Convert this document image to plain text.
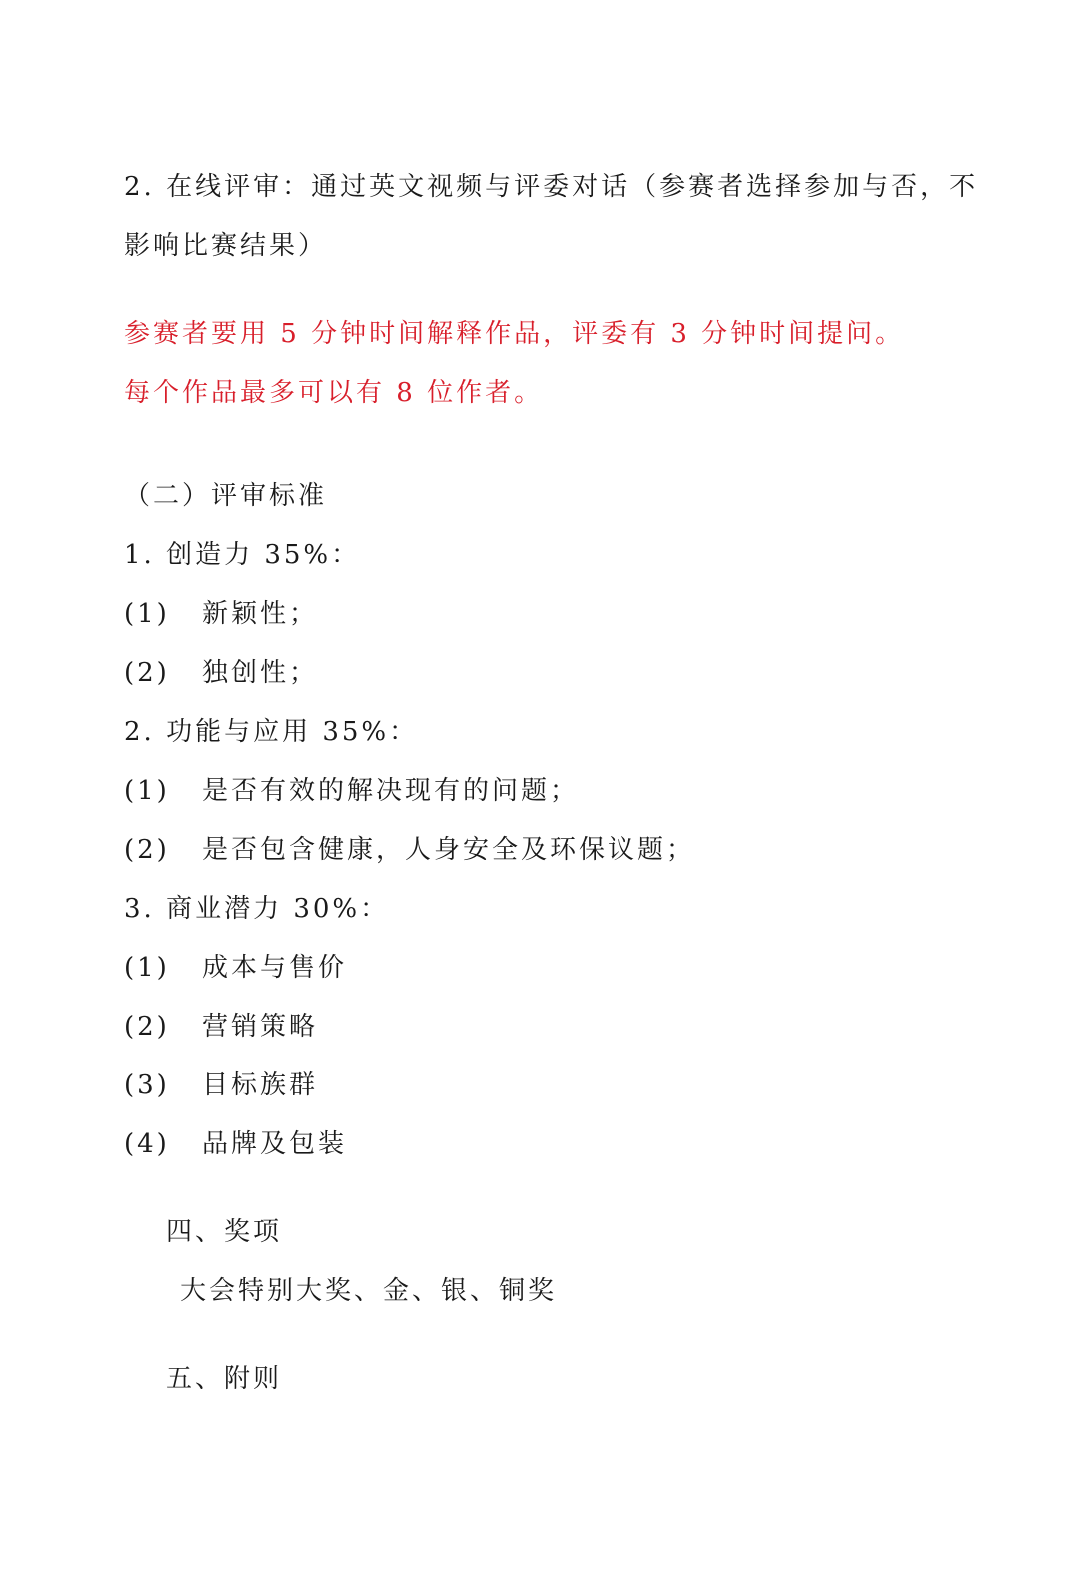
2. 在线评审：通过英文视频与评委对话（参赛者选择参加与否，不
影响比赛结果）
参赛者要用 5 分钟时间解释作品，评委有 3 分钟时间提问。
每个作品最多可以有 8 位作者。
（二）评审标准
1. 创造力 35%：
(1) 新颖性；
(2) 独创性；
2. 功能与应用 35%：
(1) 是否有效的解决现有的问题；
(2) 是否包含健康，人身安全及环保议题；
3. 商业潜力 30%：
(1) 成本与售价
(2) 营销策略
(3) 目标族群
(4) 品牌及包装
四、奖项
大会特别大奖、金、银、铜奖
五、附则
